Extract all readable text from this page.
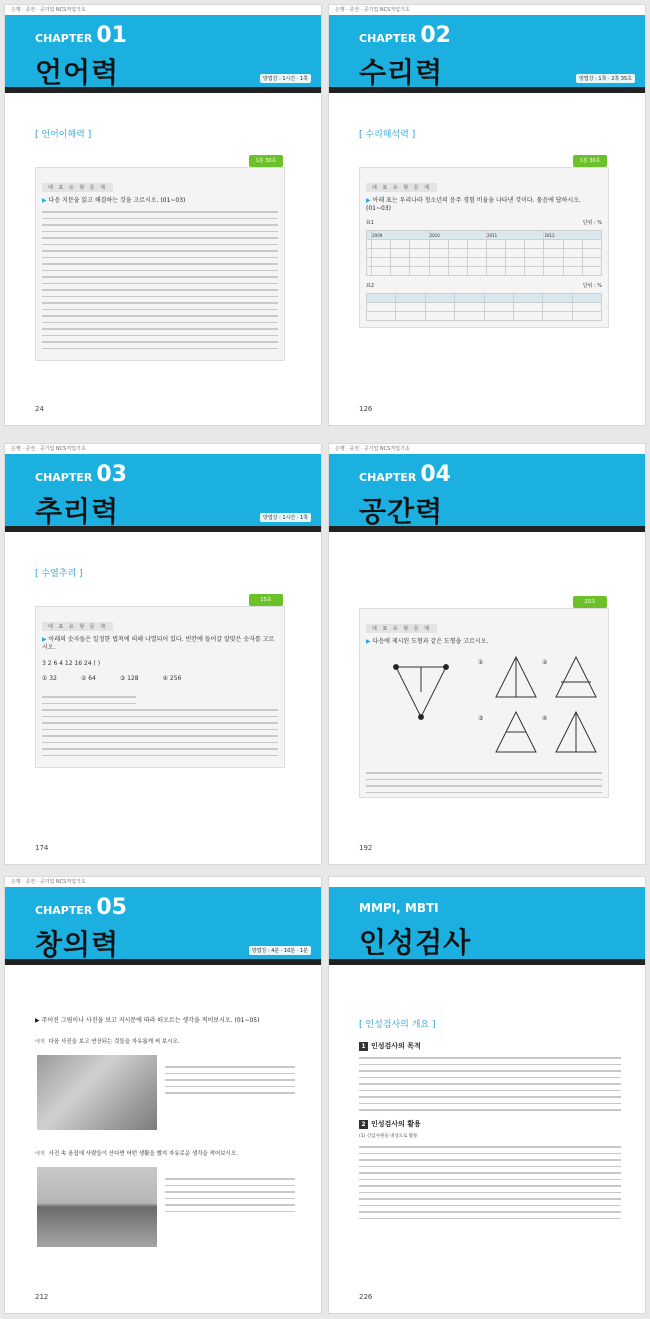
은행 · 증권 · 공기업 NCS직업기초
CHAPTER 01
언어력	방법강 : 1시간 · 1쪽
[ 언어이해력 ]
1분 30초
대 표 유 형 문 제
▶ 다음 지문을 읽고 해결하는 것을 고르시오. (01~03)
24
은행 · 증권 · 공기업 NCS직업기초
CHAPTER 02
수리력	방법강 : 1쪽 · 2쪽 35초
[ 수리해석력 ]
1분 30초
대 표 유 형 문 제
▶ 아래 표는 우리나라 청소년의 음주 경험 비율을 나타낸 것이다. 물음에 답하시오. (01~03)
표1	단위 : %
	2009			2010			2011			2012		

표2	단위 : %

126
은행 · 증권 · 공기업 NCS직업기초
CHAPTER 03
추리력	방법강 : 1시간 · 1쪽
[ 수열추리 ]
15초
대 표 유 형 문 제
▶ 아래의 숫자들은 일정한 법칙에 의해 나열되어 있다. 빈칸에 들어갈 알맞은 숫자를 고르시오.
3 2 6 4 12 16 24 ( )
① 32	② 64	③ 128	④ 256
174
은행 · 증권 · 공기업 NCS직업기초
CHAPTER 04
공간력
20초
대 표 유 형 문 제
▶ 다음에 제시된 도형과 같은 도형을 고르시오.
①	②
③	④
192
은행 · 증권 · 공기업 NCS직업기초
CHAPTER 05
창의력	방법강 : 4분 · 10분 · 1분
▶ 주어진 그림이나 사진을 보고 지시문에 따라 떠오르는 생각을 적어보시오. (01~05)
예제 다음 사진을 보고 연상되는 것들을 자유롭게 써 보시오.
예제 사진 속 움집에 사람들이 산다면 어떤 생활을 했지 자유로운 생각을 적어보시오.
212
MMPI, MBTI
인성검사
[ 인성검사의 개요 ]
1 인성검사의 목적
2 인성검사의 활용
(1) 신입사원을 대상으로 활용
226
